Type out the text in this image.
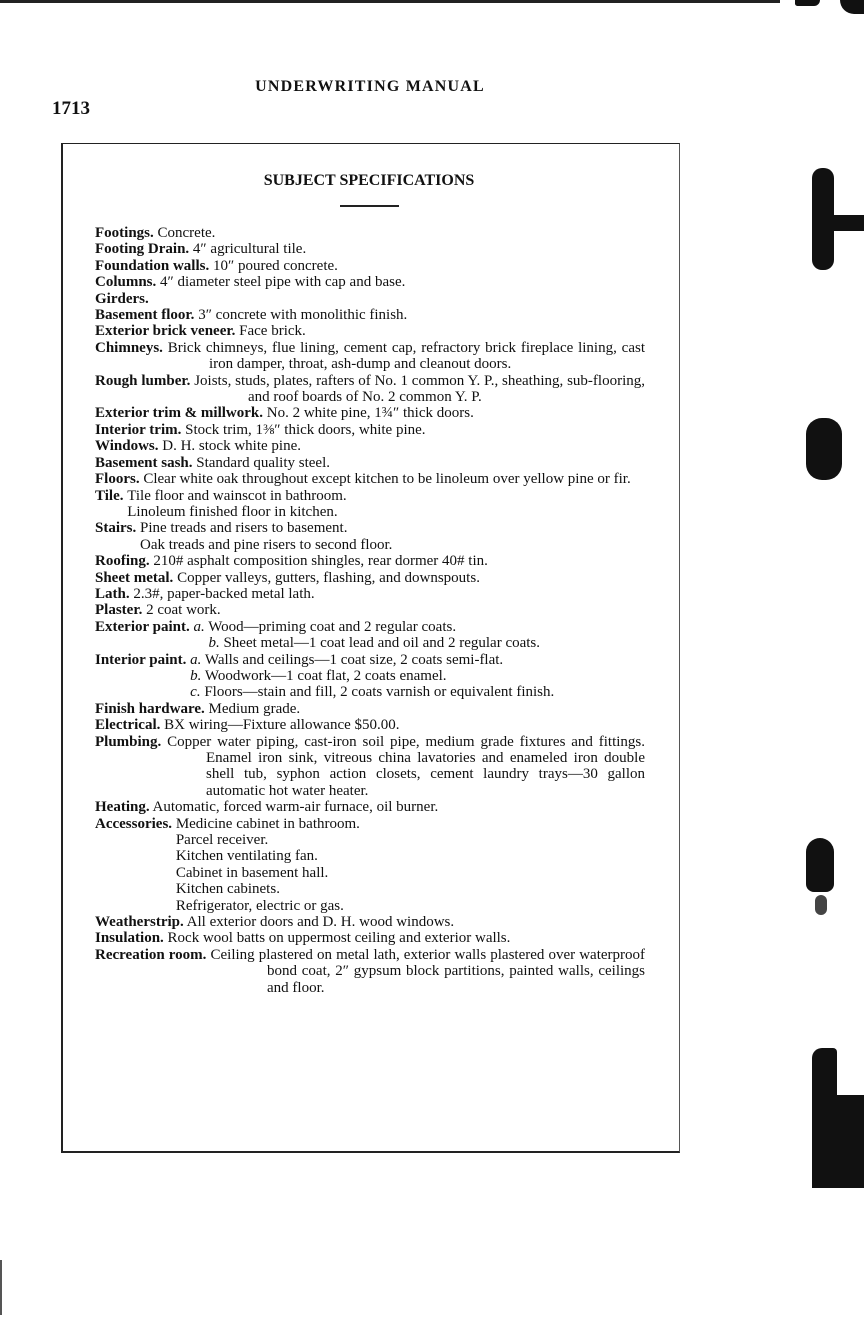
UNDERWRITING MANUAL
1713
SUBJECT SPECIFICATIONS
Footings. Concrete.
Footing Drain. 4″ agricultural tile.
Foundation walls. 10″ poured concrete.
Columns. 4″ diameter steel pipe with cap and base.
Girders.
Basement floor. 3″ concrete with monolithic finish.
Exterior brick veneer. Face brick.
Chimneys. Brick chimneys, flue lining, cement cap, refractory brick fireplace lining, cast iron damper, throat, ash-dump and cleanout doors.
Rough lumber. Joists, studs, plates, rafters of No. 1 common Y. P., sheathing, sub-flooring, and roof boards of No. 2 common Y. P.
Exterior trim & millwork. No. 2 white pine, 1¾″ thick doors.
Interior trim. Stock trim, 1⅜″ thick doors, white pine.
Windows. D. H. stock white pine.
Basement sash. Standard quality steel.
Floors. Clear white oak throughout except kitchen to be linoleum over yellow pine or fir.
Tile. Tile floor and wainscot in bathroom.
Linoleum finished floor in kitchen.
Stairs. Pine treads and risers to basement.
Oak treads and pine risers to second floor.
Roofing. 210# asphalt composition shingles, rear dormer 40# tin.
Sheet metal. Copper valleys, gutters, flashing, and downspouts.
Lath. 2.3#, paper-backed metal lath.
Plaster. 2 coat work.
Exterior paint. a. Wood—priming coat and 2 regular coats.
b. Sheet metal—1 coat lead and oil and 2 regular coats.
Interior paint. a. Walls and ceilings—1 coat size, 2 coats semi-flat.
b. Woodwork—1 coat flat, 2 coats enamel.
c. Floors—stain and fill, 2 coats varnish or equivalent finish.
Finish hardware. Medium grade.
Electrical. BX wiring—Fixture allowance $50.00.
Plumbing. Copper water piping, cast-iron soil pipe, medium grade fixtures and fittings. Enamel iron sink, vitreous china lavatories and enameled iron double shell tub, syphon action closets, cement laundry trays—30 gallon automatic hot water heater.
Heating. Automatic, forced warm-air furnace, oil burner.
Accessories. Medicine cabinet in bathroom.
Parcel receiver.
Kitchen ventilating fan.
Cabinet in basement hall.
Kitchen cabinets.
Refrigerator, electric or gas.
Weatherstrip. All exterior doors and D. H. wood windows.
Insulation. Rock wool batts on uppermost ceiling and exterior walls.
Recreation room. Ceiling plastered on metal lath, exterior walls plastered over waterproof bond coat, 2″ gypsum block partitions, painted walls, ceilings and floor.
